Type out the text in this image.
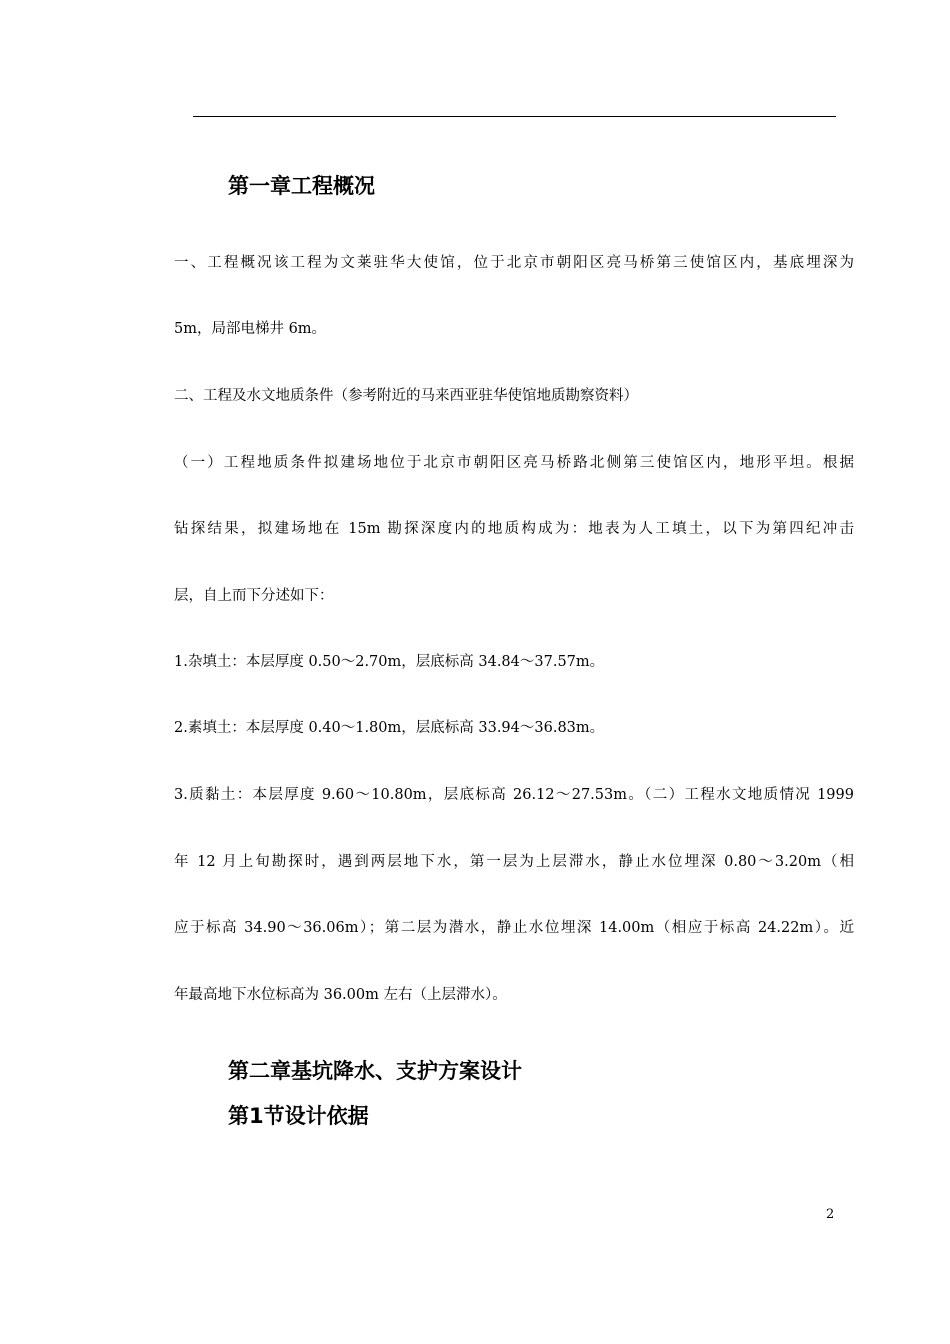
第一章工程概况

一、工程概况该工程为文莱驻华大使馆，位于北京市朝阳区亮马桥第三使馆区内，基底埋深为

5m，局部电梯井 6m。

二、工程及水文地质条件（参考附近的马来西亚驻华使馆地质勘察资料）

（一）工程地质条件拟建场地位于北京市朝阳区亮马桥路北侧第三使馆区内，地形平坦。根据

钻探结果，拟建场地在 15m 勘探深度内的地质构成为：地表为人工填土，以下为第四纪冲击

层，自上而下分述如下：

1.杂填土：本层厚度 0.50～2.70m，层底标高 34.84～37.57m。

2.素填土：本层厚度 0.40～1.80m，层底标高 33.94～36.83m。

3.质黏土：本层厚度 9.60～10.80m，层底标高 26.12～27.53m。（二）工程水文地质情况 1999

年 12 月上旬勘探时，遇到两层地下水，第一层为上层滞水，静止水位埋深 0.80～3.20m（相

应于标高 34.90～36.06m）；第二层为潜水，静止水位埋深 14.00m（相应于标高 24.22m）。近

年最高地下水位标高为 36.00m 左右（上层滞水）。

第二章基坑降水、支护方案设计
第1节设计依据
2
